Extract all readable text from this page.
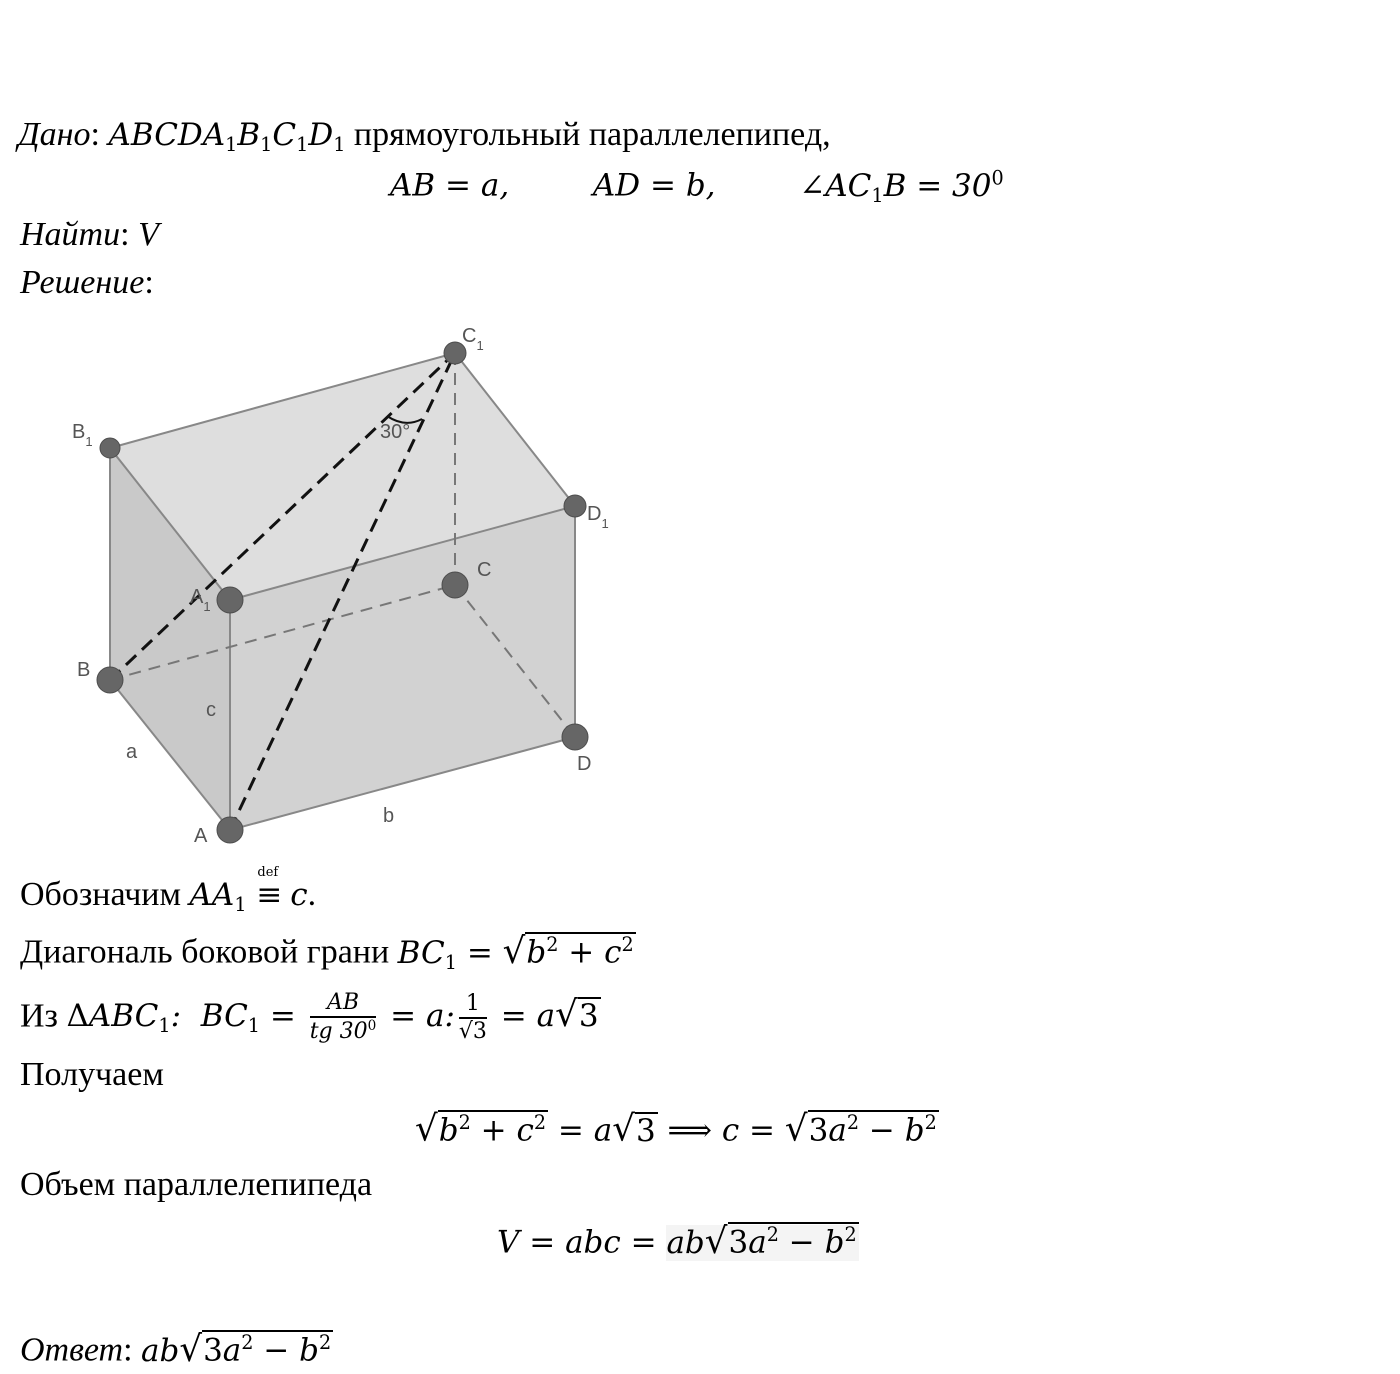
Дано: $ABCDA_1B_1C_1D_1$ прямоугольный параллелепипед,
AB = a,	AD = b,	$\angle AC_1B = 30^0$
Найти: V
Решение:
30°
$B_1$
$C_1$
$D_1$
$A_1$
C
B
D
A
c
a
b
Обозначим $AA_1$
def
≡ c.
Диагональ боковой грани $BC_1 = √b^2 + c^2$
Из $\Delta ABC_1$:  $BC_1 = \frac{AB}{tg 30^0} = a$: $\frac{1}{√3} = a√3$
Получаем
$√b^2 + c^2 = a√3$ ⟹ $c = √3a^2 - b^2$
Объем параллелепипеда
V = abc = $ab√3a^2 - b^2$
Ответ: $ab√3a^2 - b^2$
